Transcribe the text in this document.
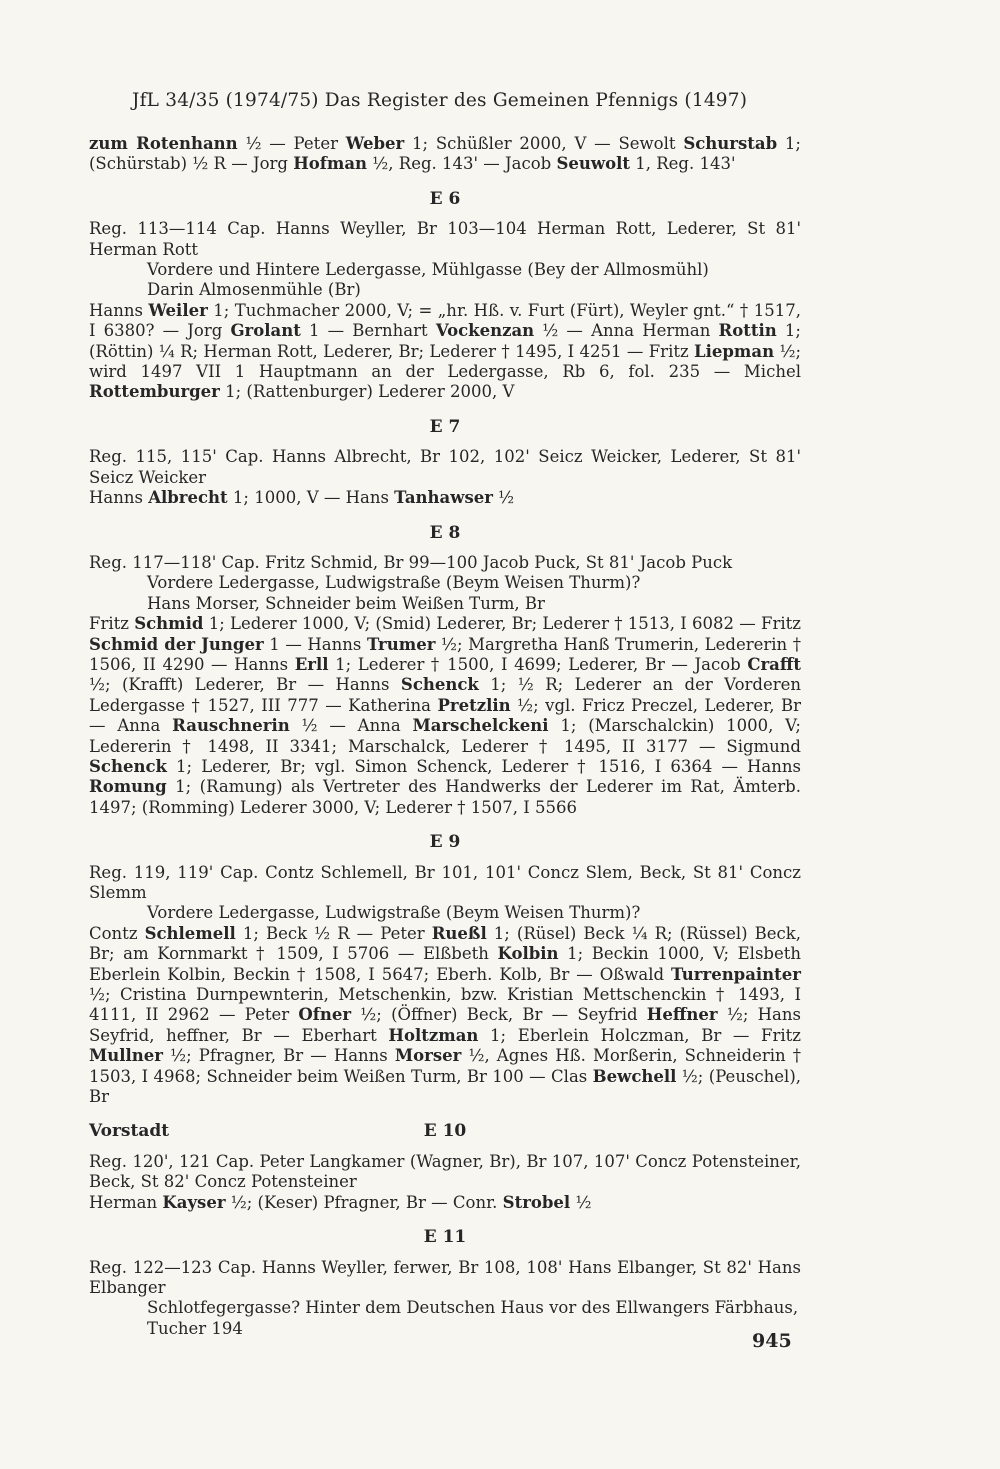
JfL 34/35 (1974/75) Das Register des Gemeinen Pfennigs (1497)

zum Rotenhann ½ — Peter Weber 1; Schüßler 2000, V — Sewolt Schurstab 1; (Schürstab) ½ R — Jorg Hofman ½, Reg. 143' — Jacob Seuwolt 1, Reg. 143'

E 6

Reg. 113—114 Cap. Hanns Weyller, Br 103—104 Herman Rott, Lederer, St 81' Herman Rott

Vordere und Hintere Ledergasse, Mühlgasse (Bey der Allmosmühl)

Darin Almosenmühle (Br)

Hanns Weiler 1; Tuchmacher 2000, V; = „hr. Hß. v. Furt (Fürt), Weyler gnt.“ † 1517, I 6380? — Jorg Grolant 1 — Bernhart Vockenzan ½ — Anna Herman Rottin 1; (Röttin) ¼ R; Herman Rott, Lederer, Br; Lederer † 1495, I 4251 — Fritz Liepman ½; wird 1497 VII 1 Hauptmann an der Ledergasse, Rb 6, fol. 235 — Michel Rottemburger 1; (Rattenburger) Lederer 2000, V

E 7

Reg. 115, 115' Cap. Hanns Albrecht, Br 102, 102' Seicz Weicker, Lederer, St 81' Seicz Weicker

Hanns Albrecht 1; 1000, V — Hans Tanhawser ½

E 8

Reg. 117—118' Cap. Fritz Schmid, Br 99—100 Jacob Puck, St 81' Jacob Puck

Vordere Ledergasse, Ludwigstraße (Beym Weisen Thurm)?

Hans Morser, Schneider beim Weißen Turm, Br

Fritz Schmid 1; Lederer 1000, V; (Smid) Lederer, Br; Lederer † 1513, I 6082 — Fritz Schmid der Junger 1 — Hanns Trumer ½; Margretha Hanß Trumerin, Ledererin † 1506, II 4290 — Hanns Erll 1; Lederer † 1500, I 4699; Lederer, Br — Jacob Crafft ½; (Krafft) Lederer, Br — Hanns Schenck 1; ½ R; Lederer an der Vorderen Ledergasse † 1527, III 777 — Katherina Pretzlin ½; vgl. Fricz Preczel, Lederer, Br — Anna Rauschnerin ½ — Anna Marschelckeni 1; (Marschalckin) 1000, V; Ledererin † 1498, II 3341; Marschalck, Lederer † 1495, II 3177 — Sigmund Schenck 1; Lederer, Br; vgl. Simon Schenck, Lederer † 1516, I 6364 — Hanns Romung 1; (Ramung) als Vertreter des Handwerks der Lederer im Rat, Ämterb. 1497; (Romming) Lederer 3000, V; Lederer † 1507, I 5566

E 9

Reg. 119, 119' Cap. Contz Schlemell, Br 101, 101' Concz Slem, Beck, St 81' Concz Slemm

Vordere Ledergasse, Ludwigstraße (Beym Weisen Thurm)?

Contz Schlemell 1; Beck ½ R — Peter Rueßl 1; (Rüsel) Beck ¼ R; (Rüssel) Beck, Br; am Kornmarkt † 1509, I 5706 — Elßbeth Kolbin 1; Beckin 1000, V; Elsbeth Eberlein Kolbin, Beckin † 1508, I 5647; Eberh. Kolb, Br — Oßwald Turrenpainter ½; Cristina Durnpewnterin, Metschenkin, bzw. Kristian Mettschenckin † 1493, I 4111, II 2962 — Peter Ofner ½; (Öffner) Beck, Br — Seyfrid Heffner ½; Hans Seyfrid, heffner, Br — Eberhart Holtzman 1; Eberlein Holczman, Br — Fritz Mullner ½; Pfragner, Br — Hanns Morser ½, Agnes Hß. Morßerin, Schneiderin † 1503, I 4968; Schneider beim Weißen Turm, Br 100 — Clas Bewchell ½; (Peuschel), Br

Vorstadt	E 10

Reg. 120', 121 Cap. Peter Langkamer (Wagner, Br), Br 107, 107' Concz Potensteiner, Beck, St 82' Concz Potensteiner

Herman Kayser ½; (Keser) Pfragner, Br — Conr. Strobel ½

E 11

Reg. 122—123 Cap. Hanns Weyller, ferwer, Br 108, 108' Hans Elbanger, St 82' Hans Elbanger

Schlotfegergasse? Hinter dem Deutschen Haus vor des Ellwangers Färbhaus, Tucher 194

945
